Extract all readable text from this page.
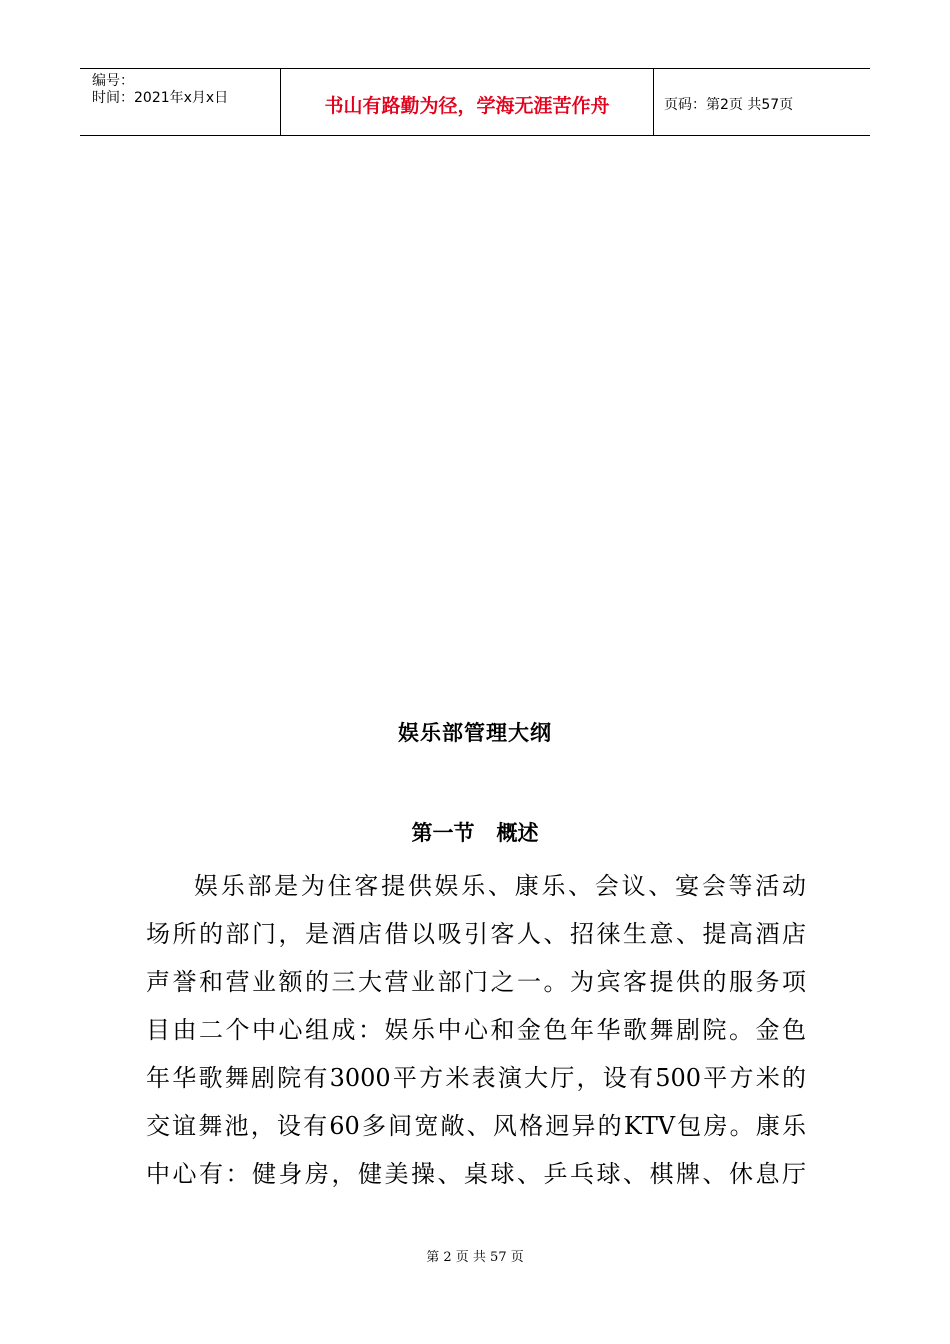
编号：
时间：2021年x月x日	书山有路勤为径，学海无涯苦作舟	页码：第2页 共57页
娱乐部管理大纲
第一节   概述
娱乐部是为住客提供娱乐、康乐、会议、宴会等活动
场所的部门，是酒店借以吸引客人、招徕生意、提高酒店
声誉和营业额的三大营业部门之一。为宾客提供的服务项
目由二个中心组成：娱乐中心和金色年华歌舞剧院。金色
年华歌舞剧院有3000平方米表演大厅，设有500平方米的
交谊舞池，设有60多间宽敞、风格迥异的KTV包房。康乐
中心有：健身房，健美操、桌球、乒乓球、棋牌、休息厅
第 2 页 共 57 页
